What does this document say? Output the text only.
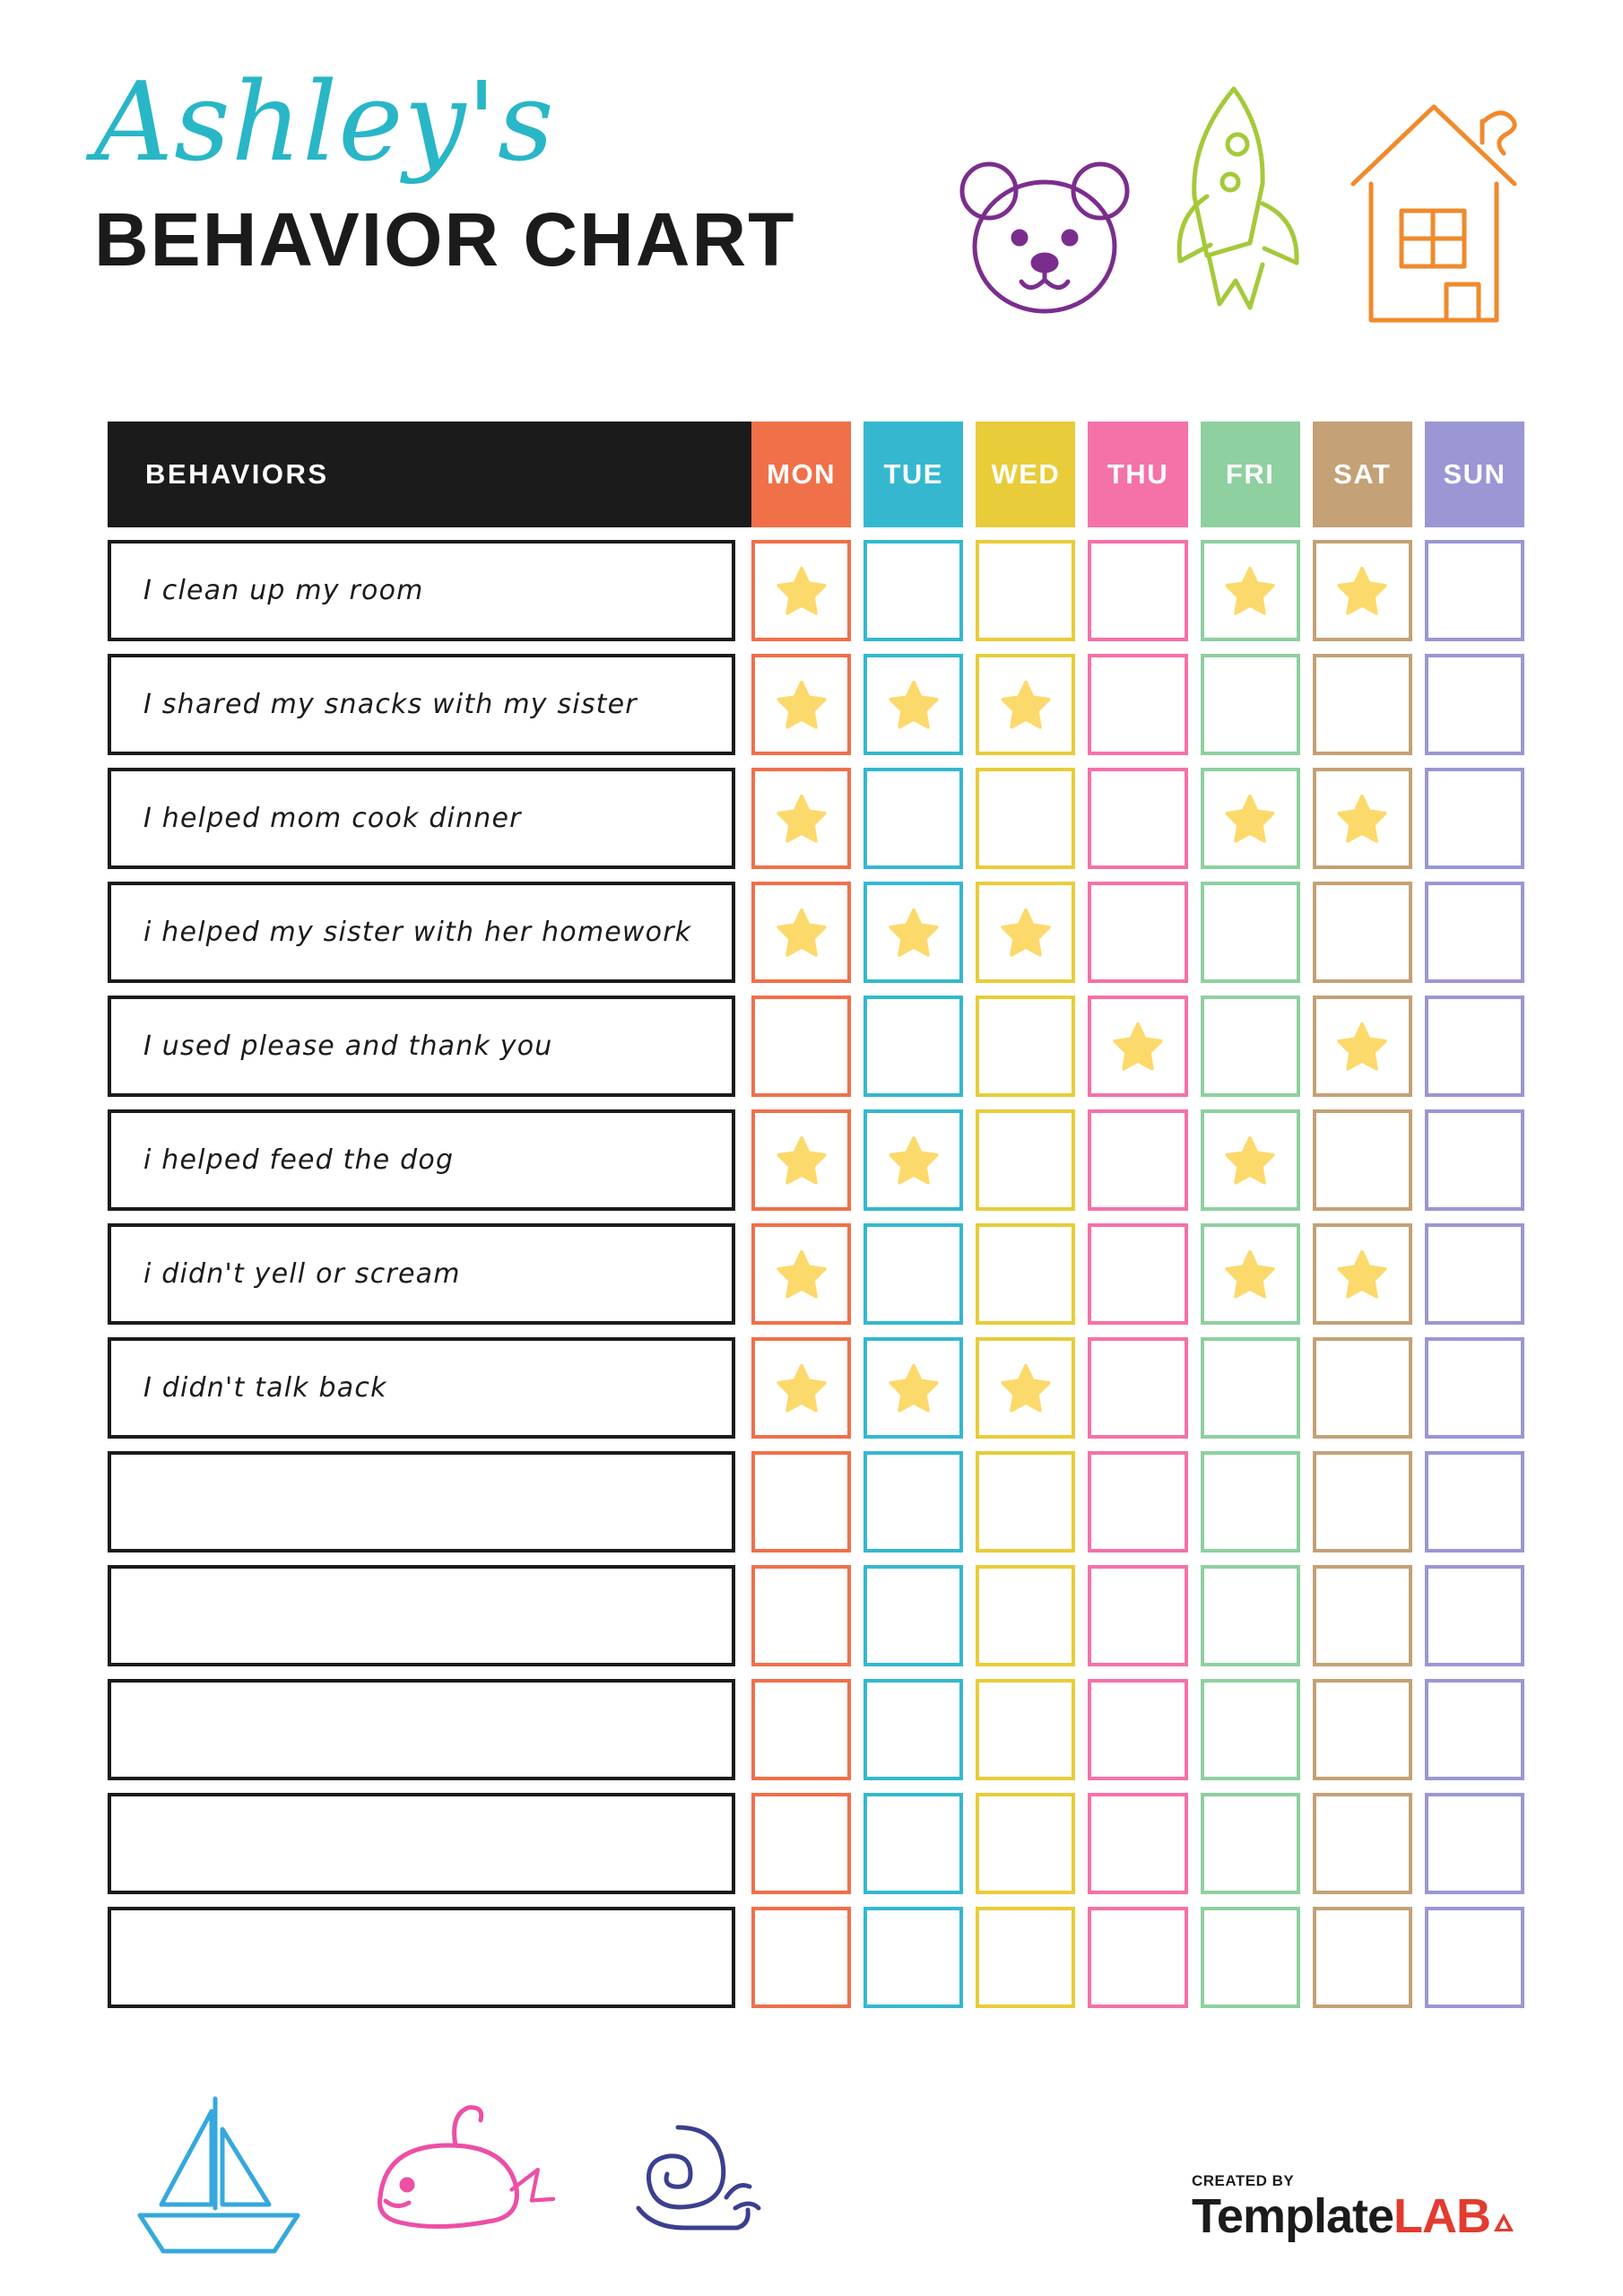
Ashley's
BEHAVIOR CHART
BEHAVIORS	MON TUE WED THU FRI SAT SUN
I clean up my room
I shared my snacks with my sister
I helped mom cook dinner
i helped my sister with her homework
I used please and thank you
i helped feed the dog
i didn't yell or scream
I didn't talk back
CREATED BY
TemplateLAB
